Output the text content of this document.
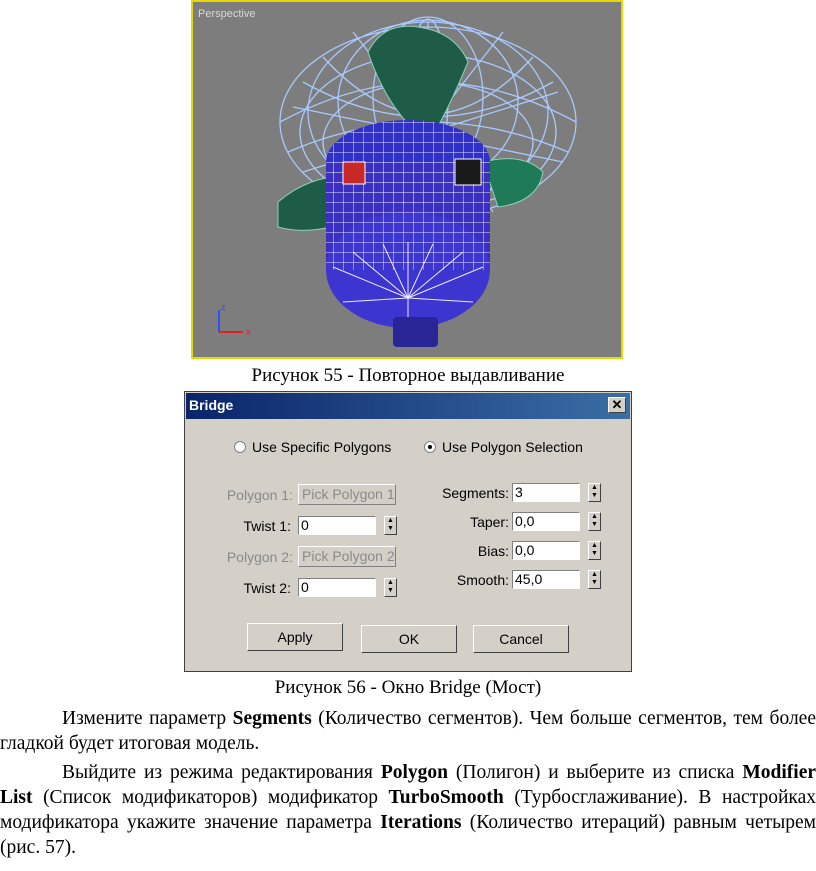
Perspective
z
x
Рисунок 55 - Повторное выдавливание
Bridge	✕
Use Specific Polygons	Use Polygon Selection
Polygon 1: Pick Polygon 1
Twist 1: 0	▲
▼
Polygon 2: Pick Polygon 2
Twist 2: 0	▲
▼
Segments: 3	▲
▼
Taper: 0,0	▲
▼
Bias: 0,0	▲
▼
Smooth: 45,0	▲
▼
Apply	OK	Cancel
Рисунок 56 - Окно Bridge (Мост)

Измените параметр Segments (Количество сегментов). Чем больше сегментов, тем более гладкой будет итоговая модель.

Выйдите из режима редактирования Polygon (Полигон) и выберите из списка Modifier List (Список модификаторов) модификатор TurboSmooth (Турбосглаживание). В настройках модификатора укажите значение параметра Iterations (Количество итераций) равным четырем (рис. 57).
